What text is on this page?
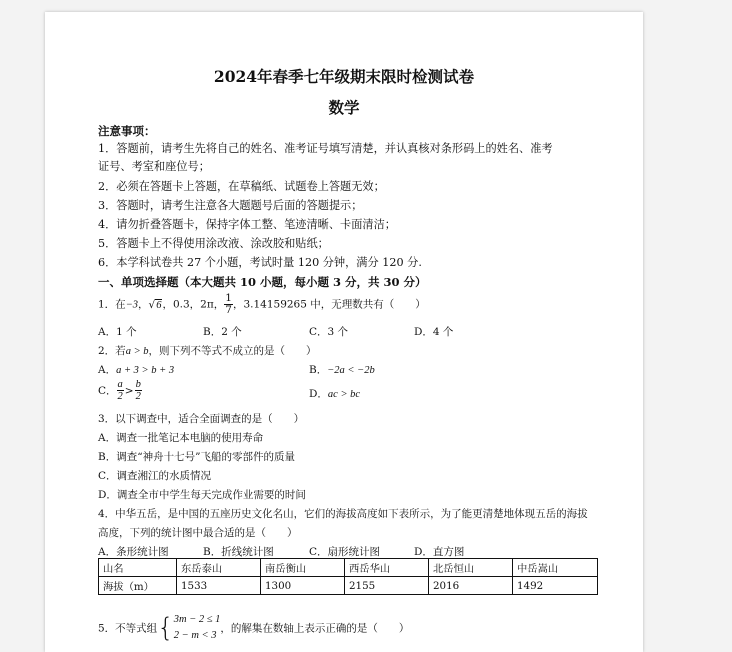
2024年春季七年级期末限时检测试卷
数学
注意事项：
1．答题前，请考生先将自己的姓名、准考证号填写清楚，并认真核对条形码上的姓名、准考
证号、考室和座位号；
2．必须在答题卡上答题，在草稿纸、试题卷上答题无效；
3．答题时，请考生注意各大题题号后面的答题提示；
4．请勿折叠答题卡，保持字体工整、笔迹清晰、卡面清洁；
5．答题卡上不得使用涂改液、涂改胶和贴纸；
6．本学科试卷共 27 个小题，考试时量 120 分钟，满分 120 分.
一、单项选择题（本大题共 10 小题，每小题 3 分，共 30 分）
1．在−3，√6，0.3，2π， $\frac{1}{7}$ ，3.14159265 中，无理数共有（　　）
A．1 个	B．2 个	C．3 个	D．4 个
2．若a > b，则下列不等式不成立的是（　　）
A．a + 3 > b + 3	B．−2a < −2b
C． $\frac{a}{2} > \frac{b}{2}$	D．ac > bc
3．以下调查中，适合全面调查的是（　　）
A．调查一批笔记本电脑的使用寿命
B．调查“神舟十七号”飞船的零部件的质量
C．调查湘江的水质情况
D．调查全市中学生每天完成作业需要的时间
4．中华五岳，是中国的五座历史文化名山，它们的海拔高度如下表所示，为了能更清楚地体现五岳的海拔
高度，下列的统计图中最合适的是（　　）
A．条形统计图	B．折线统计图	C．扇形统计图	D．直方图
山名	东岳泰山	南岳衡山	西岳华山	北岳恒山	中岳嵩山
海拔（m）	1533	1300	2155	2016	1492
5．不等式组{ 3m − 2 ≤ 1
2 − m < 3
，的解集在数轴上表示正确的是（　　）
